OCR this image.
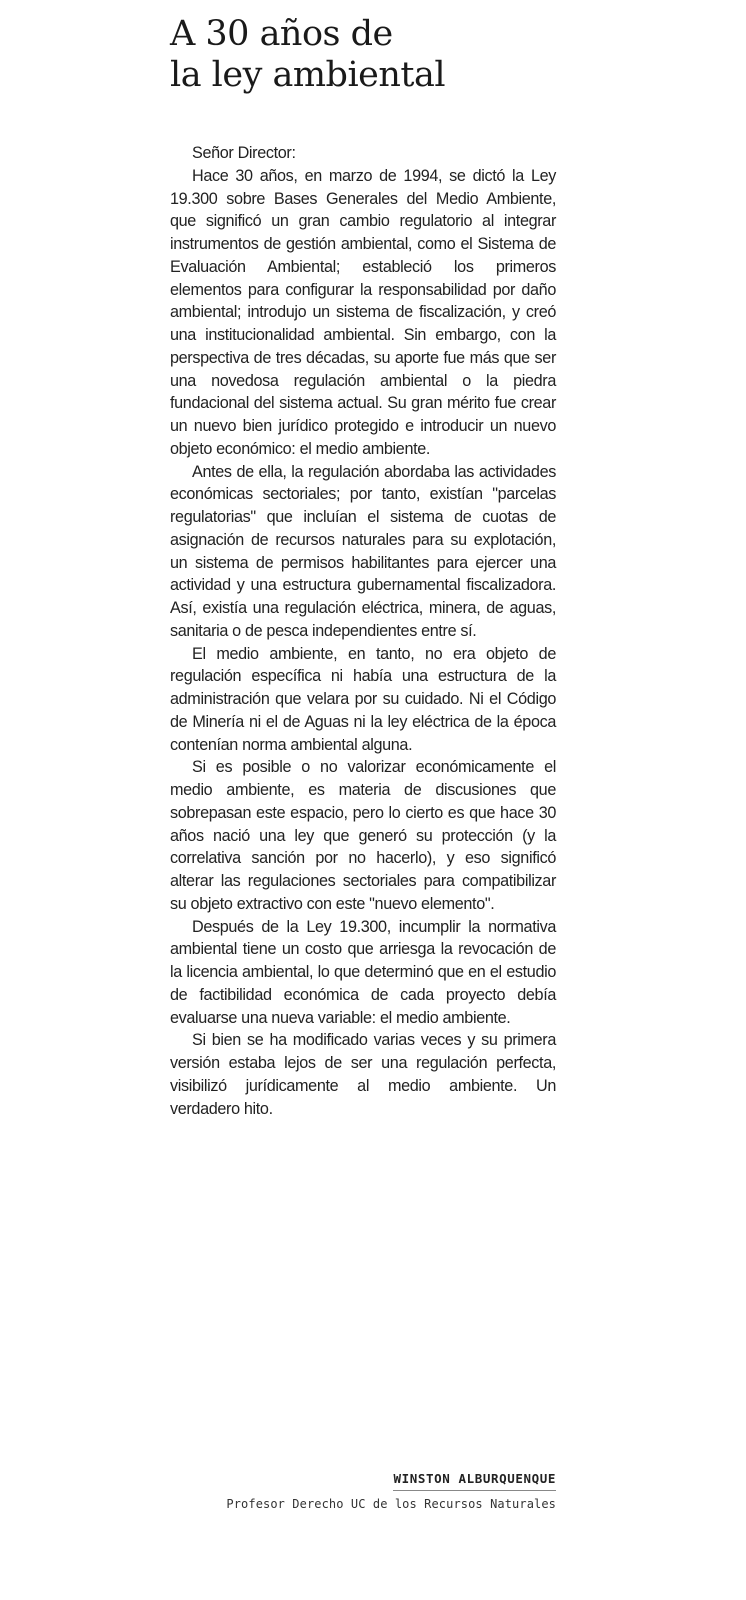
A 30 años de
la ley ambiental

Señor Director:

Hace 30 años, en marzo de 1994, se dictó la Ley 19.300 sobre Bases Generales del Medio Ambiente, que significó un gran cambio regulatorio al integrar instrumentos de gestión ambiental, como el Sistema de Evaluación Ambiental; estableció los primeros elementos para configurar la responsabilidad por daño ambiental; introdujo un sistema de fiscalización, y creó una institucionalidad ambiental. Sin embargo, con la perspectiva de tres décadas, su aporte fue más que ser una novedosa regulación ambiental o la piedra fundacional del sistema actual. Su gran mérito fue crear un nuevo bien jurídico protegido e introducir un nuevo objeto económico: el medio ambiente.

Antes de ella, la regulación abordaba las actividades económicas sectoriales; por tanto, existían "parcelas regulatorias" que incluían el sistema de cuotas de asignación de recursos naturales para su explotación, un sistema de permisos habilitantes para ejercer una actividad y una estructura gubernamental fiscalizadora. Así, existía una regulación eléctrica, minera, de aguas, sanitaria o de pesca independientes entre sí.

El medio ambiente, en tanto, no era objeto de regulación específica ni había una estructura de la administración que velara por su cuidado. Ni el Código de Minería ni el de Aguas ni la ley eléctrica de la época contenían norma ambiental alguna.

Si es posible o no valorizar económicamente el medio ambiente, es materia de discusiones que sobrepasan este espacio, pero lo cierto es que hace 30 años nació una ley que generó su protección (y la correlativa sanción por no hacerlo), y eso significó alterar las regulaciones sectoriales para compatibilizar su objeto extractivo con este "nuevo elemento".

Después de la Ley 19.300, incumplir la normativa ambiental tiene un costo que arriesga la revocación de la licencia ambiental, lo que determinó que en el estudio de factibilidad económica de cada proyecto debía evaluarse una nueva variable: el medio ambiente.

Si bien se ha modificado varias veces y su primera versión estaba lejos de ser una regulación perfecta, visibilizó jurídicamente al medio ambiente. Un verdadero hito.

WINSTON ALBURQUENQUE
Profesor Derecho UC de los Recursos Naturales
